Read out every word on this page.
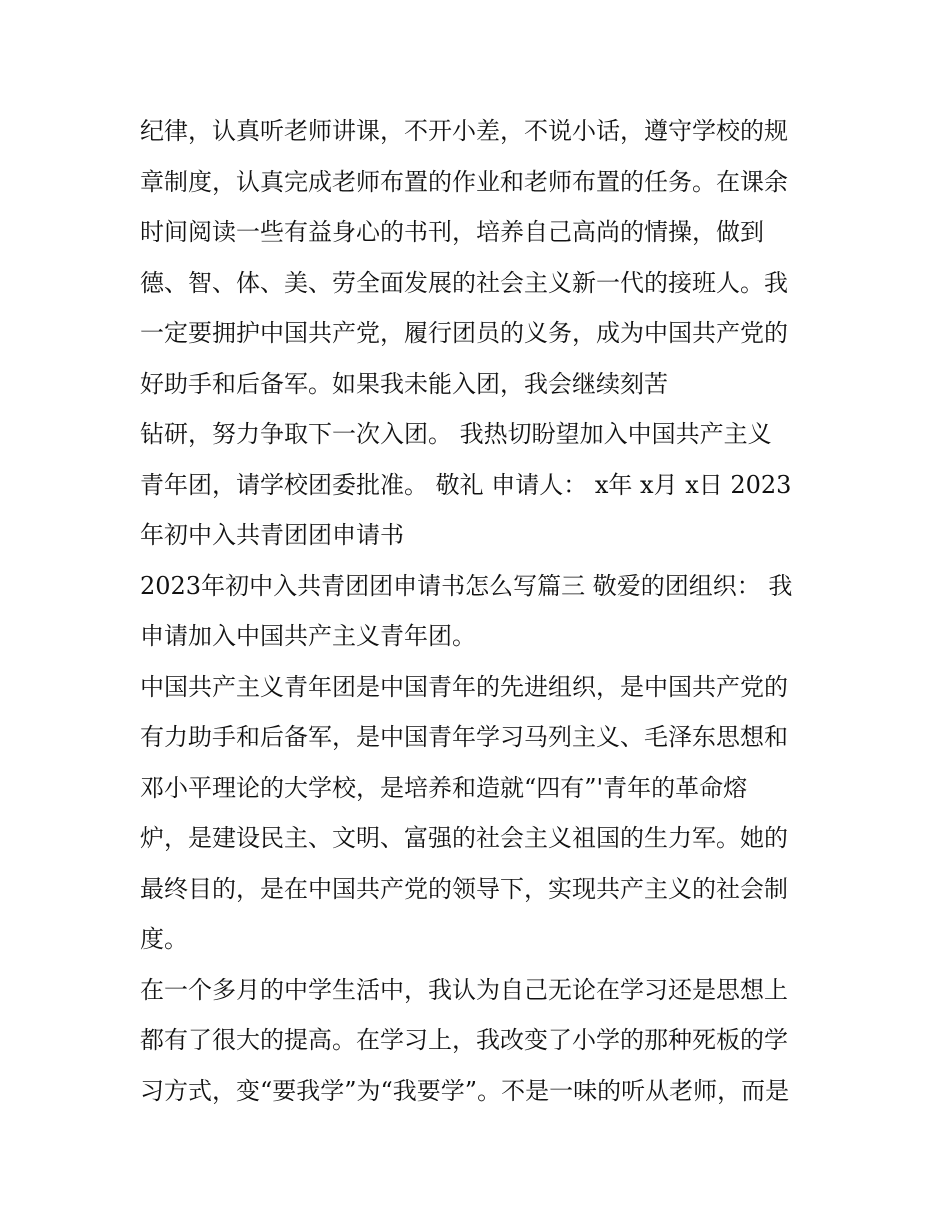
纪律，认真听老师讲课，不开小差，不说小话，遵守学校的规
章制度，认真完成老师布置的作业和老师布置的任务。在课余
时间阅读一些有益身心的书刊，培养自己高尚的情操，做到
德、智、体、美、劳全面发展的社会主义新一代的接班人。我
一定要拥护中国共产党，履行团员的义务，成为中国共产党的
好助手和后备军。如果我未能入团，我会继续刻苦
钻研，努力争取下一次入团。 我热切盼望加入中国共产主义
青年团，请学校团委批准。 敬礼 申请人： x年 x月 x日 2023
年初中入共青团团申请书
2023年初中入共青团团申请书怎么写篇三 敬爱的团组织： 我
申请加入中国共产主义青年团。
中国共产主义青年团是中国青年的先进组织，是中国共产党的
有力助手和后备军，是中国青年学习马列主义、毛泽东思想和
邓小平理论的大学校，是培养和造就“四有”'青年的革命熔
炉，是建设民主、文明、富强的社会主义祖国的生力军。她的
最终目的，是在中国共产党的领导下，实现共产主义的社会制
度。
在一个多月的中学生活中，我认为自己无论在学习还是思想上
都有了很大的提高。在学习上，我改变了小学的那种死板的学
习方式，变“要我学”为“我要学”。不是一味的听从老师，而是
